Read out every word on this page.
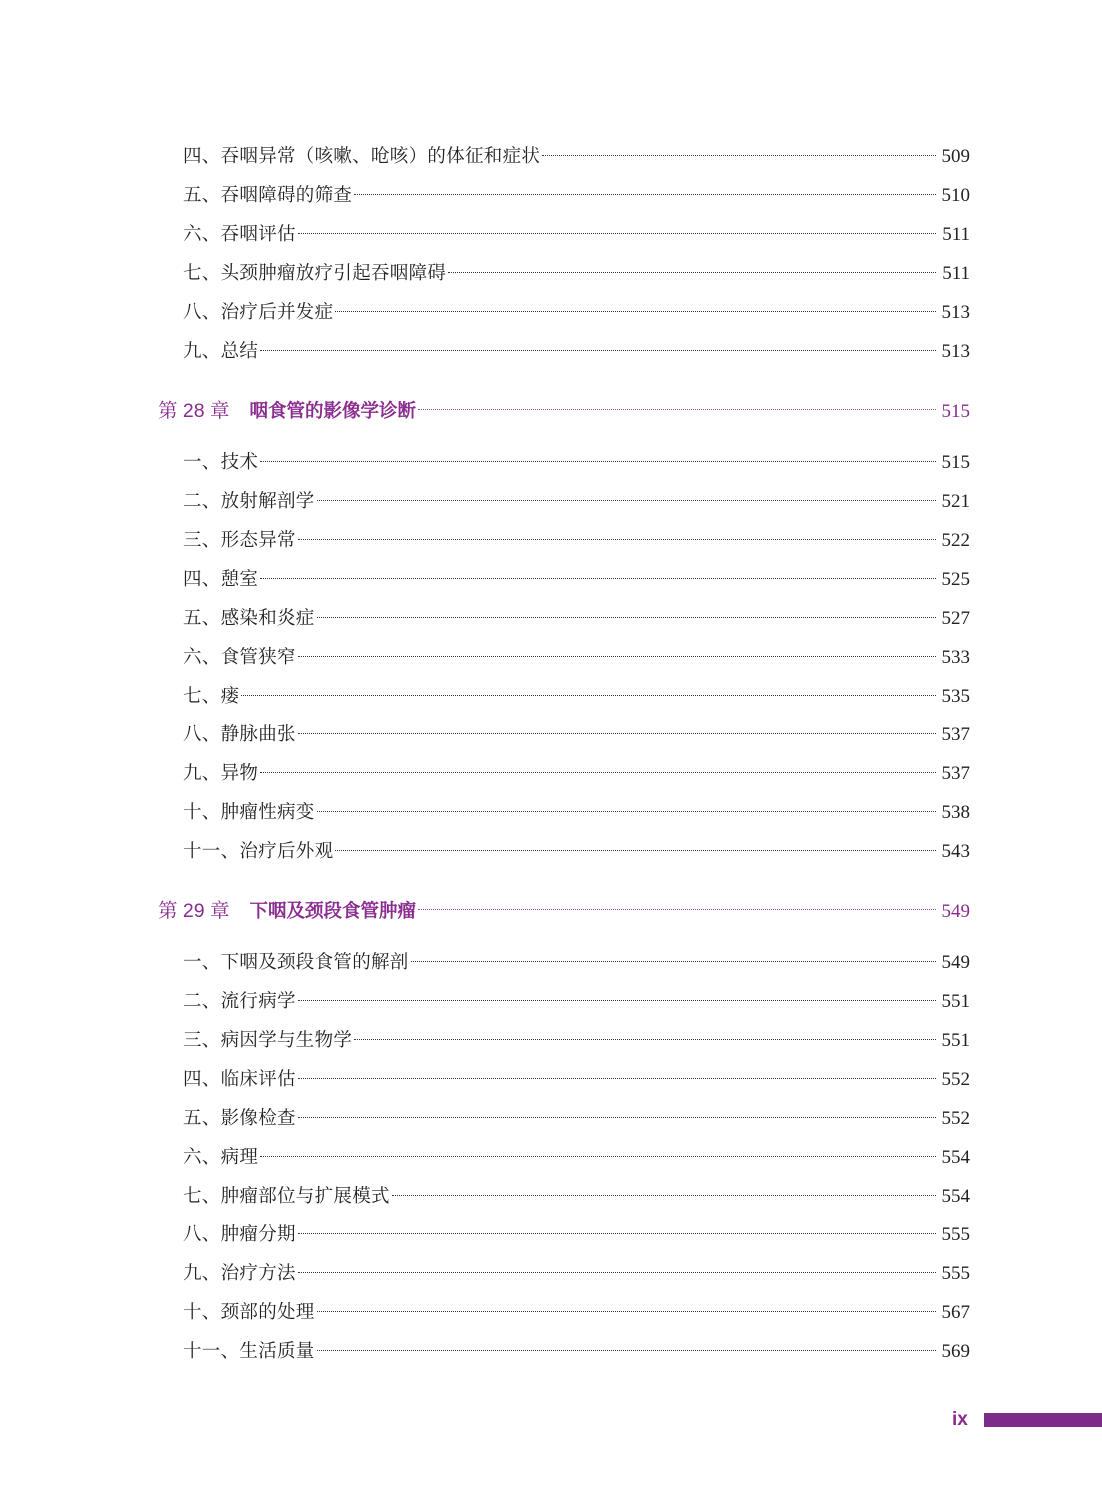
四、吞咽异常（咳嗽、呛咳）的体征和症状	509
五、吞咽障碍的筛查	510
六、吞咽评估	511
七、头颈肿瘤放疗引起吞咽障碍	511
八、治疗后并发症	513
九、总结	513
第 28 章 咽食管的影像学诊断	515
一、技术	515
二、放射解剖学	521
三、形态异常	522
四、憩室	525
五、感染和炎症	527
六、食管狭窄	533
七、瘘	535
八、静脉曲张	537
九、异物	537
十、肿瘤性病变	538
十一、治疗后外观	543
第 29 章 下咽及颈段食管肿瘤	549
一、下咽及颈段食管的解剖	549
二、流行病学	551
三、病因学与生物学	551
四、临床评估	552
五、影像检查	552
六、病理	554
七、肿瘤部位与扩展模式	554
八、肿瘤分期	555
九、治疗方法	555
十、颈部的处理	567
十一、生活质量	569
ix
